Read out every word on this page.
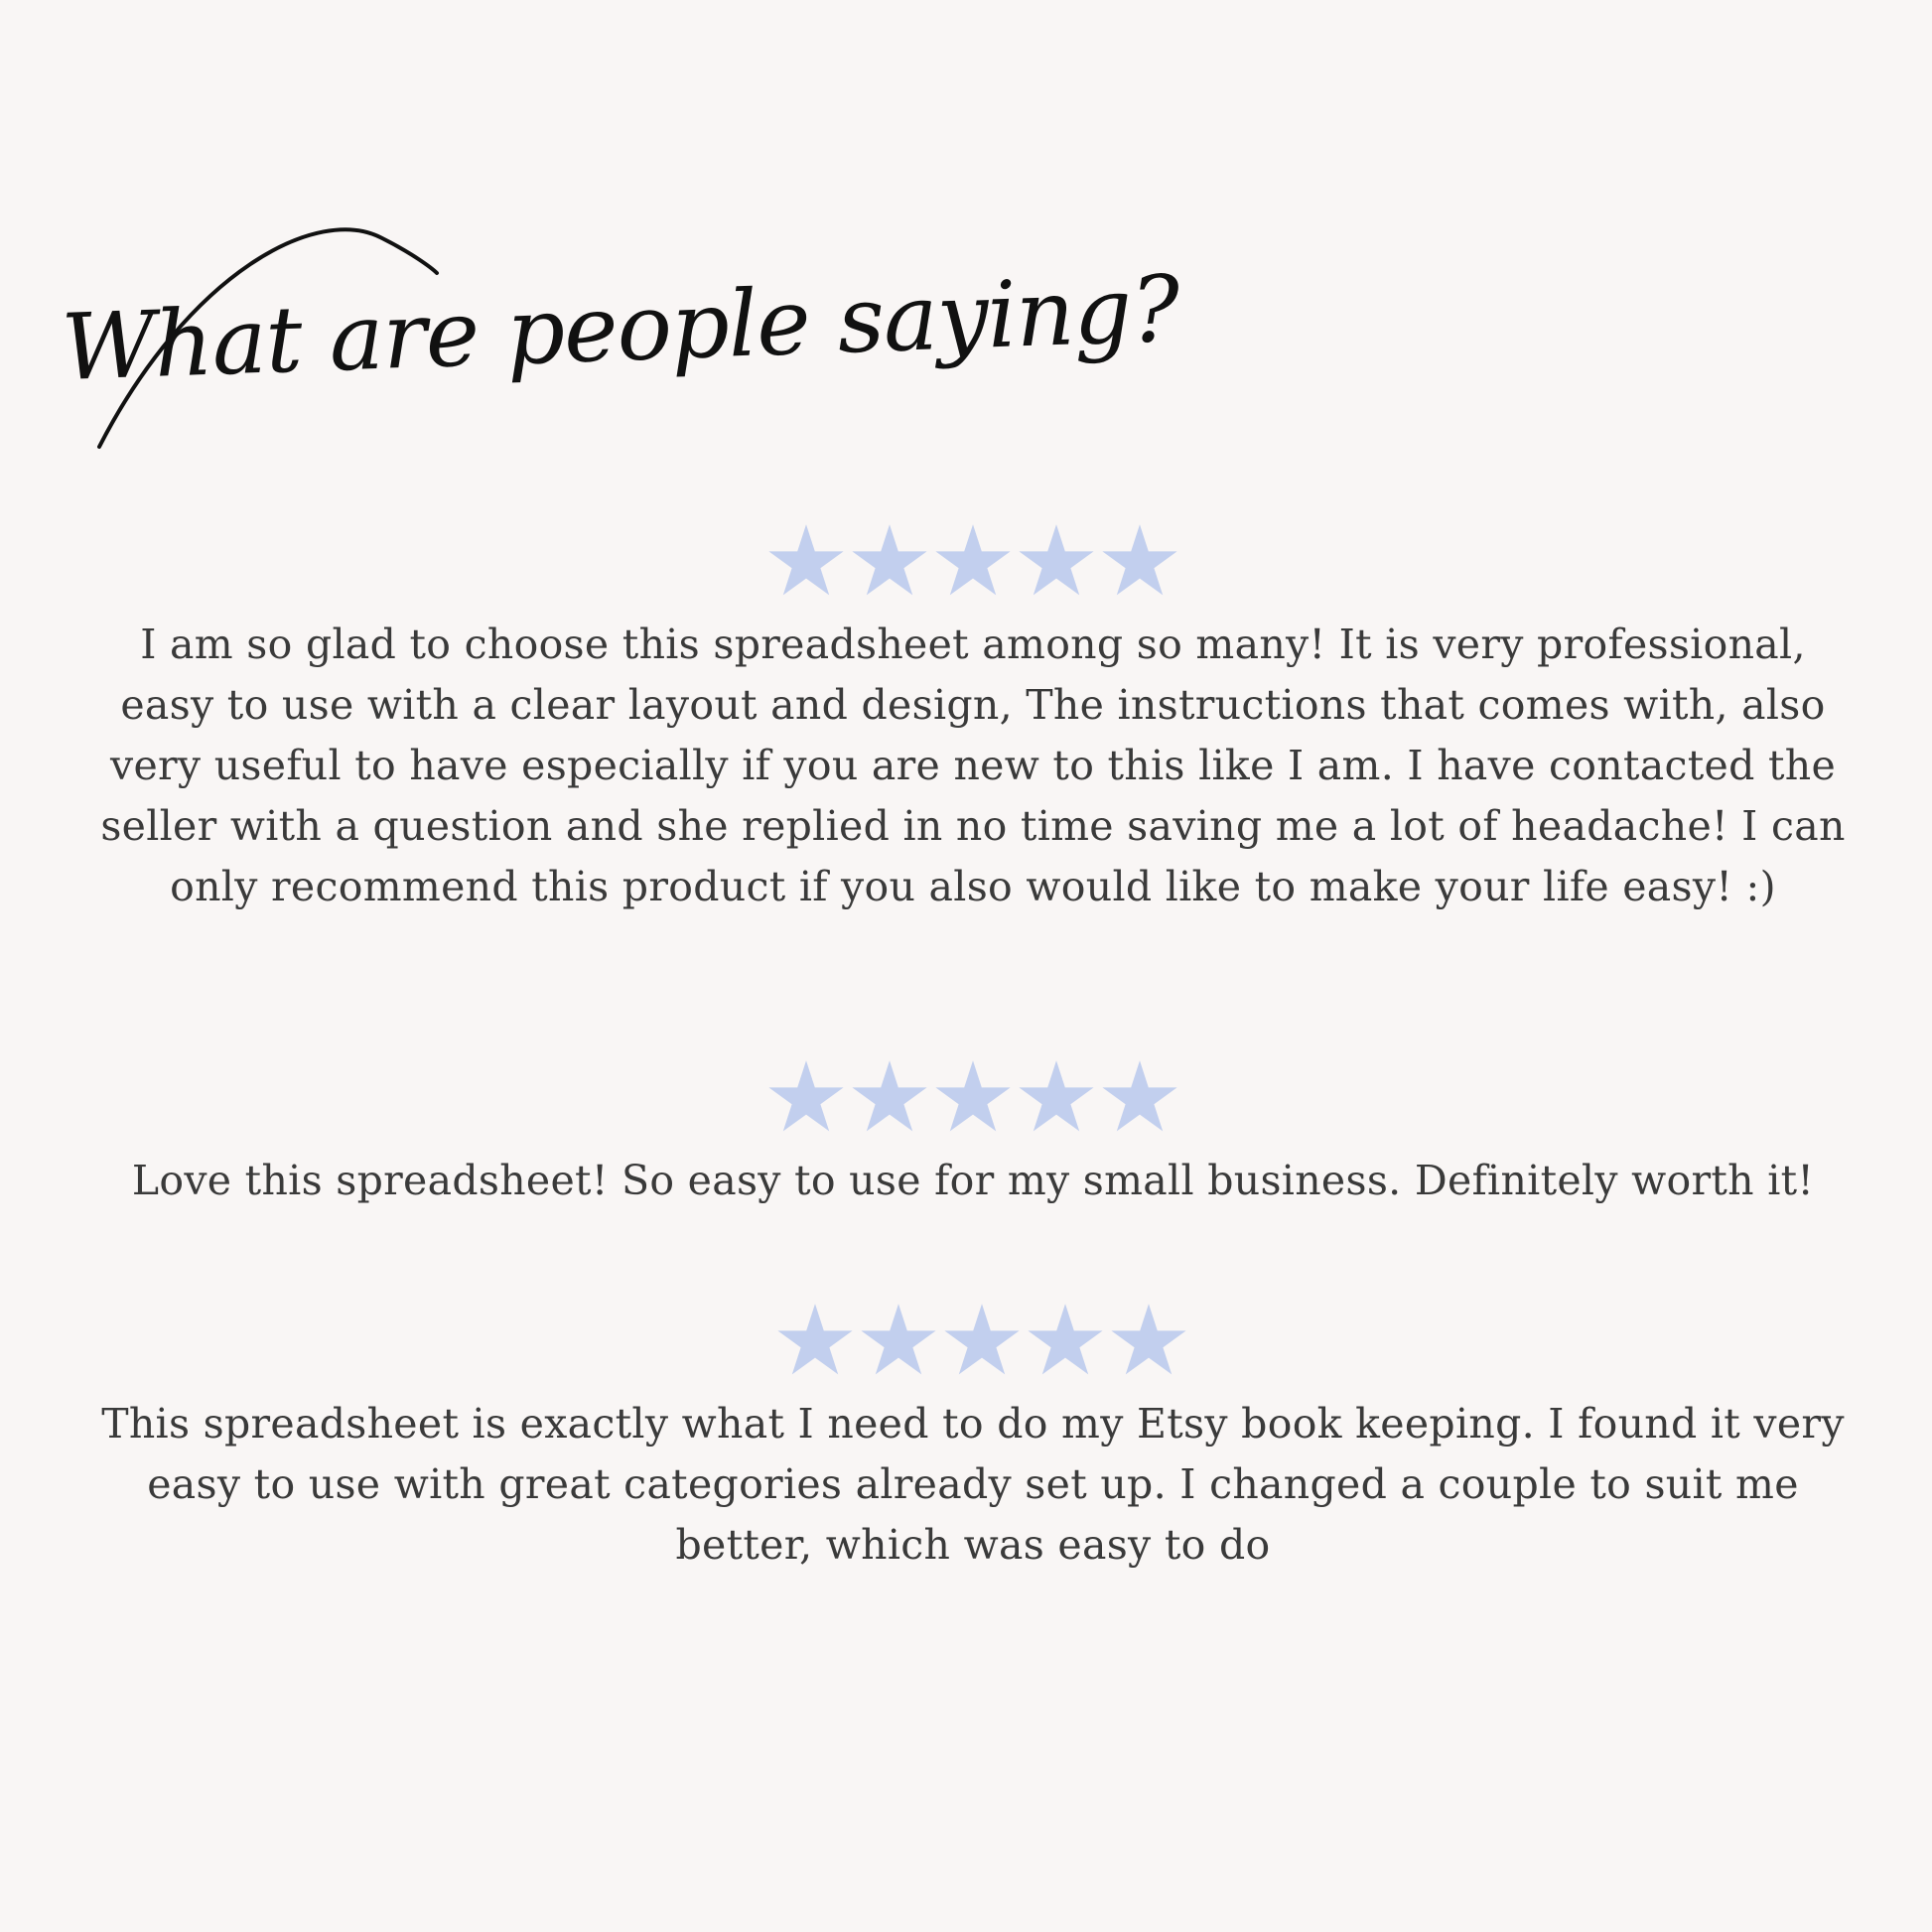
What are people saying?
I am so glad to choose this spreadsheet among so many! It is very professional, easy to use with a clear layout and design, The instructions that comes with, also very useful to have especially if you are new to this like I am. I have contacted the seller with a question and she replied in no time saving me a lot of headache! I can only recommend this product if you also would like to make your life easy! :)
Love this spreadsheet! So easy to use for my small business. Definitely worth it!
This spreadsheet is exactly what I need to do my Etsy book keeping. I found it very easy to use with great categories already set up. I changed a couple to suit me better, which was easy to do
